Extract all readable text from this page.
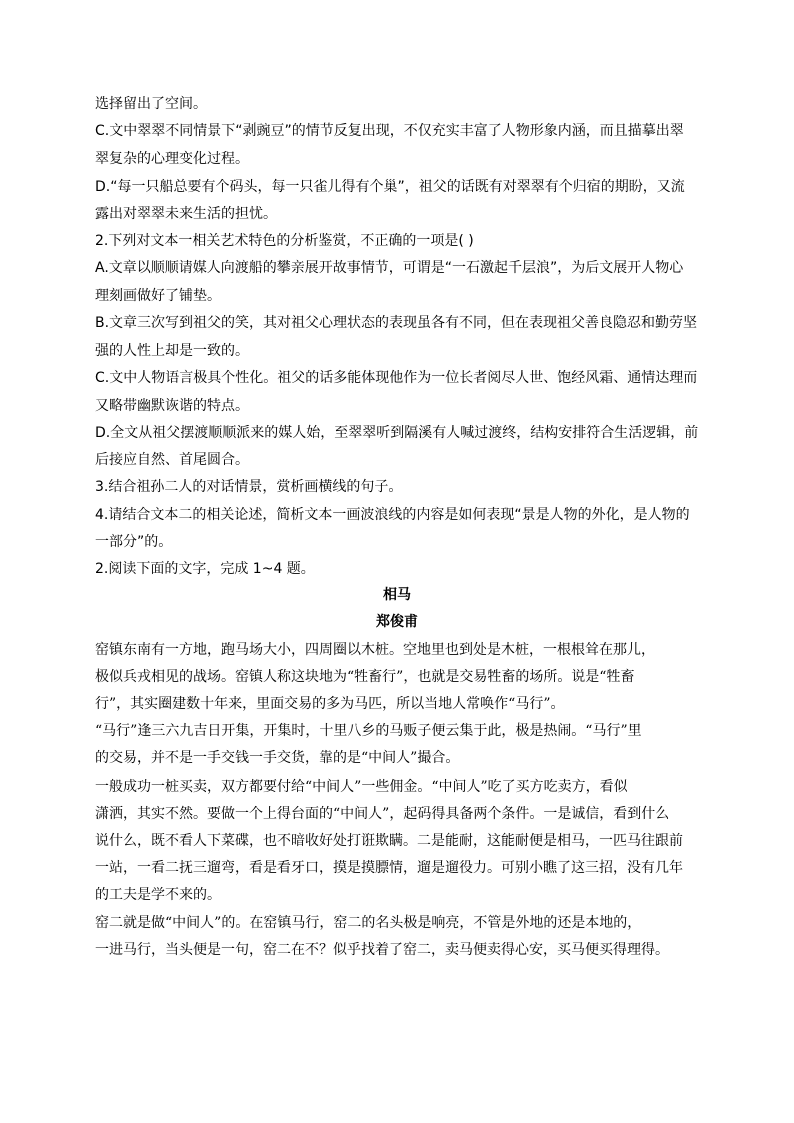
选择留出了空间。
C.文中翠翠不同情景下“剥豌豆”的情节反复出现，不仅充实丰富了人物形象内涵，而且描摹出翠
翠复杂的心理变化过程。
D.“每一只船总要有个码头，每一只雀儿得有个巢”，祖父的话既有对翠翠有个归宿的期盼，又流
露出对翠翠未来生活的担忧。
2.下列对文本一相关艺术特色的分析鉴赏，不正确的一项是( )
A.文章以顺顺请媒人向渡船的攀亲展开故事情节，可谓是“一石激起千层浪”，为后文展开人物心
理刻画做好了铺垫。
B.文章三次写到祖父的笑，其对祖父心理状态的表现虽各有不同，但在表现祖父善良隐忍和勤劳坚
强的人性上却是一致的。
C.文中人物语言极具个性化。祖父的话多能体现他作为一位长者阅尽人世、饱经风霜、通情达理而
又略带幽默诙谐的特点。
D.全文从祖父摆渡顺顺派来的媒人始，至翠翠听到隔溪有人喊过渡终，结构安排符合生活逻辑，前
后接应自然、首尾圆合。
3.结合祖孙二人的对话情景，赏析画横线的句子。
4.请结合文本二的相关论述，简析文本一画波浪线的内容是如何表现“景是人物的外化，是人物的
一部分”的。
2.阅读下面的文字，完成 1~4 题。
相马
郑俊甫
窑镇东南有一方地，跑马场大小，四周圈以木桩。空地里也到处是木桩，一根根耸在那儿，
极似兵戎相见的战场。窑镇人称这块地为“牲畜行”，也就是交易牲畜的场所。说是“牲畜
行”，其实圈建数十年来，里面交易的多为马匹，所以当地人常唤作“马行”。
“马行”逢三六九吉日开集，开集时，十里八乡的马贩子便云集于此，极是热闹。“马行”里
的交易，并不是一手交钱一手交货，靠的是“中间人”撮合。
一般成功一桩买卖，双方都要付给“中间人”一些佣金。“中间人”吃了买方吃卖方，看似
潇洒，其实不然。要做一个上得台面的“中间人”，起码得具备两个条件。一是诚信，看到什么
说什么，既不看人下菜碟，也不暗收好处打诳欺瞒。二是能耐，这能耐便是相马，一匹马往跟前
一站，一看二抚三遛弯，看是看牙口，摸是摸膘情，遛是遛役力。可别小瞧了这三招，没有几年
的工夫是学不来的。
窑二就是做“中间人”的。在窑镇马行，窑二的名头极是响亮，不管是外地的还是本地的，
一进马行，当头便是一句，窑二在不？似乎找着了窑二，卖马便卖得心安，买马便买得理得。
